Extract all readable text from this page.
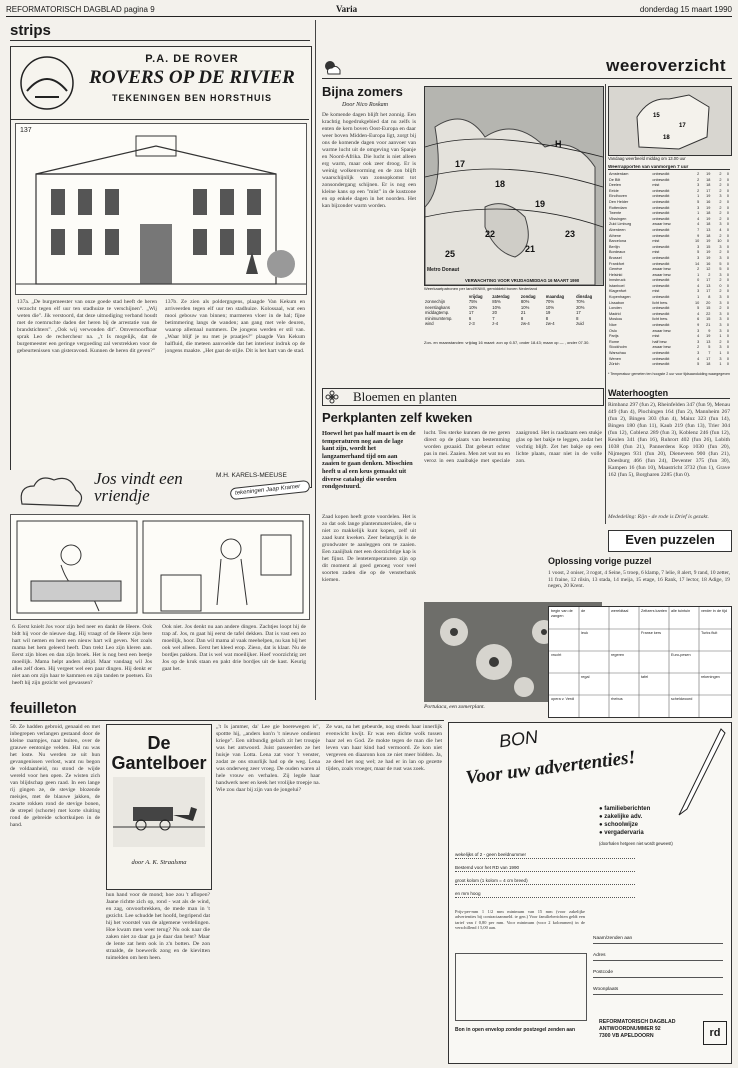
REFORMATORISCH DAGBLAD pagina 9	Varia	donderdag 15 maart 1990
strips
P.A. DE ROVER
ROVERS OP DE RIVIER
TEKENINGEN BEN HORSTHUIS
137
137a. „De burgemeester van onze goede stad heeft de heren verzocht tegen elf uur ten stadhuize te verschijnen". „Wij weten die". Jik verstoord, dat deze uitnodiging verband houdt met de roemruchte daden der heren bij de arrestatie van de brandstichters". „Ook wij verwonden dit". Omvernoorfbaar sprak Leo de rechercheur na. „'t Is mogelijk, dat de burgemeester een geringe vergoeding zal verstrekken voor de gebeurtenissen van gisteravond. Kunnen de heren dit geven?"
137b. Ze zien als poldergngens, plaagde Van Kekum en arriveerden tegen elf uur ten stadhuize. Kolossaal, wat een mooi gebouw van binnen; marmeren vloer in de hal; fijne betimmering langs de wanden; aan gang met vele deuren, waarop allemaal nummers. De jongens werden er stil van. „Waar blijf je nu met je praatjes?" plaagde Van Kekum halfluid, die meteen aanvoelde dat het interieur indruk op de jongens maakte. „Het gaat de stijle. Dit is het hart van de stad.
Jos vindt een vriendje
M.H. KARELS-MEEUSE
tekeningen Jaap Kramer
6. Eerst knielt Jos voor zijn bed neer en dankt de Heere. Ook bidt hij voor de nieuwe dag. Hij vraagt of de Heere zijn bere hart wil nemen en hem een nieuw hart wil geven. Net zoals mama het hem geleerd heeft. Dan trekt Leo zijn kleren aan. Eerst zijn bloes en dan zijn broek. Het is nog best een beetje moeilijk. Mama helpt anders altijd. Maar vandaag wil Jos alles zelf doen. Hij vergeet wel een paar dingen. Hij denkt er niet aan om zijn haar te kammen en zijn tanden te poetsen. En heeft hij zijn gezicht wel gewassen?
Ook niet. Jos denkt nu aan andere dingen. Zachtjes loopt hij de trap af. Jos, m gaat hij eerst de tafel dekken. Dat is vast een zo moeilijk, hoor. Dan wil mama al vaak meehelpen, nu kan hij het ook wel alleen. Eerst het kleed erop. Zieso, dat is klaar. Nu de bordjes pakken. Dat is wel wat moeilijker. Hoef voorzichtig zet Jos op de kruk staan en pakt drie bordjes uit de kast. Keurig gaat het.
feuilleton
50. Ze hadden gebroid, genaaid en met inbegrepen verlangen gestaand door de kleine raampjes, naar buiten, over de grauwe eentonige velden. Hal nu was het loste. Nu werden ze uit hun gevangenissen verlost, want nu begon de voldaanheid, nu stond de wijde wereld voor hen open. Ze wisten zich van blijdschap geen raad. In een lange rij gingen ze, de stevige blozende meisjes, met de blauwe jakken, de zwarte rokken rond de stevige bonen, de strepel (schorte) met korte sluiting rond de gebreide schortkuipen in de hand.
De Gantelboer
door A. K. Straalsma
hun hand voor de mond; hoe zou 't aflopen? Jaane richtte zich op, rond - wat als de wind, en zag, onvoorbrekken, de mede man in 't gezicht. Lee schudde het hoofd, begripend dat hij het voorstel van de algemene verdelingen. Hoe kwam men weer terug? Nu ook naar die zaken niet zo daar ga je daar dan bent? Maar de lente zat hem ook in z'n botten. De zon straalde, de boewerik zong en de kievitten tuimelden om hem heen.
„'t Is jammer, da' Lee gie boerewegen is", spottte hij, „anders kon'n 't nieuwe ondienst kriege". Een uitbundig gelach zit het troupje was het antwoord. Juist passeerden ze het huisje van Lotta. Lena zat voor 't venster, zodat ze ons stuurlijk had op de weg. Lena was onderweg zeer vroeg. De ouden waren al hele vrouw en verhalen. Zij legde haar handwerk neer en keek het vrolijke troepje na. Wie zou daar bij zijn van de jongelui?
Ze was, na het gebeurde, nog steeds haar innerlijk evenwicht kwijt. Er was een dichte wolk tussen haar zel en God. Ze mokte tegen de man die het leven van haar kind had vermoord. Ze kon niet vergeven en diaaronn kon ze niet meer bidden. Ja, ze deed het nog wel; ze had er in lan op gezette tijden, zoals vroeger, maar de rust was zoek.
weeroverzicht
Bijna zomers
Door Nico Roskam
De komende dagen blijft het zonnig. Een krachtig hogedrukgebied dat nu zelfs is enten de kern boven Oost-Europa en daar weer boven Midden-Europa ligt, zorgt bij ons de komende dagen voor aanvoer van warme lucht uit de omgeving van Spanje en Noord-Afrika. Die lucht is niet alleen erg warm, maar ook zeer droog. Er is weinig wolkenvorming en de zon blijft waarschijnlijk van zonsopkomst tot zonsondergang schijnen. Er is nog een kleine kans op een "mist" in de kustzone en op enkele dagen in het noorden. Het kan bijzonder warm worden.
17
18
19
22
21
23
25
H
Metro Donaut
VERWACHTING VOOR VRIJDAGMIDDAG 16 MAART 1990
Weerkaartpatronen per land/KNMI, gemiddeld boven Nederland
	vrijdag	zaterdag	zondag	maandag	dinsdag
zonnechijn	75%	85%	80%	70%	70%
neerslagkans	10%	10%	10%	10%	20%
middagtemp.	17	20	21	19	17
minimumtemp.	6	7	8	8	8
wind	z-3	z-4	zw-4	zw-4	zuid
Zon- en maanstanden: vrijdag 16 maart: zon op 6.57, onder 18.43; maan op — , onder 07.30.
15
17
18
Vandaag weerbeeld middag om 13.00 uur
Weerrapporten van vanmorgen 7 uur
Amsterdam	onbewolkt	2	19	2	0
De Bilt	onbewolkt	2	18	2	0
Deelen	mist	3	18	2	0
Eelde	onbewolkt	2	17	2	0
Eindhoven	onbewolkt	1	19	3	0
Den Helder	onbewolkt	5	16	2	0
Rotterdam	onbewolkt	3	19	2	0
Twente	onbewolkt	1	18	2	0
Vlissingen	onbewolkt	4	19	2	0
Zuid Limburg	zwaar bew.	4	18	3	0
Aberdeen	onbewolkt	7	13	4	0
Athene	onbewolkt	9	18	2	0
Barcelona	mist	10	19	10	0
Berlijn	onbewolkt	3	15	3	0
Bordeaux	mist	5	19	2	0
Brussel	onbewolkt	3	19	3	0
Frankfort	onbewolkt	14	16	5	0
Genève	zwaar bew.	2	12	5	0
Helsinki	zwaar bew.	1	2	3	0
Innsbruck	onbewolkt	0	17	2	0
Istanboel	onbewolkt	4	13	0	0
Klagenfurt	mist	3	17	2	0
Kopenhagen	onbewolkt	1	8	3	0
Lissabon	licht bew.	10	20	3	0
Londen	onbewolkt	5	15	2	0
Madrid	onbewolkt	4	22	3	0
Moskou	licht bew.	6	15	3	0
Nice	onbewolkt	9	21	3	0
Oslo	zwaar bew.	3	9	3	0
Parijs	mist	4	19	1	0
Rome	half bew.	3	13	2	0
Stockholm	zwaar bew.	2	5	3	0
Warschau	onbewolkt	3	7	1	0
Wenen	onbewolkt	4	17	3	0
Zürich	onbewolkt	5	18	1	0
* Temperatuur gemeten ten hoogste 2 uur voor tijdsaanduiding waargegeven
Bloemen en planten
Perkplanten zelf kweken
Hoewel het pas half maart is en de temperaturen nog aan de lage kant zijn, wordt het langzamerhand tijd om aan zaaien te gaan denken. Misschien heeft u al een keus gemaakt uit diverse catalogi die worden rondgestuurd.
Zaad kopen heeft grote voordelen. Het is zo dat ook lange plantenmaterialen, die u niet zo makkelijk kunt kopen, zelf uit zaad kunt kweken. Zeer belangrijk is de grondwater te aanleggen om te zaaien. Een zaaiijbak met een doorzichtige kap is het fijnst. De lentetemperaturen zijn op dit moment al goed genoeg voor veel soorten zaden die op de vensterbank kiemen.
lucht. Teu sterke kunnen de ree geren direct op de plaats van bestemming worden gezaaid. Dat gebeurt echter pas in mei. Zaaien. Men zet wat nu en veroz in een zaaibakje met speciale zaaigrond. Het is raadzaam een stukje glas op het bakje te leggen, zodat het vochtig blijft. Zet het bakje op een lichte plaats, maar niet in de volle zon.
Portulaca, een zomerplant.
Waterhoogten
Rimbanz 297 (fun 2), Rheinfelden 347 (fun 9), Menau 449 (fun 4), Plochingen 164 (fun 2), Mannheim 267 (fun 2), Bingen 303 (fun 4), Mainz 323 (fun 14), Bingen 180 (fun 11), Kaub 219 (fun 13), Trier 304 (fun 12), Coblenz 289 (fun 3), Koblenz 246 (fun 12), Keulen 341 (fun 16), Ruhrort 402 (fun 26), Lobith 1038 (fun 21), Pannerdens Kop 1030 (fun 20), Nijmegen 931 (fun 20), Dieneveen 900 (fun 21), Doesburg 466 (fun 24), Deventer 375 (fun 30), Kampen 16 (fun 10), Maastricht 3732 (fun 1), Grave 162 (fun 5), Borgharen 2285 (fun 0).
Mededeling: Rijn - de rode is Drief is gezakt.
Even puzzelen
Oplossing vorige puzzel
1 voost, 2 oniser, 3 rogot, 4 Seine, 5 troep, 6 klamp, 7 lelie, 8 alert, 9 rand, 10 zetter, 11 fraine, 12 rilsin, 13 stada, 14 meija, 15 etage, 16 Rank, 17 lector, 18 Adige, 19 negen, 20 Krent.
begin van de zangen
leuk
wereldtaal
Franse kers
alle tuintuin
Turks fluit
vrucht
regal
regeren
tafel
Euro-pesen
rekeningen
opera v. Verdi
de
rhebus
Zeltzers kanten
scheldwoord
verder in de tijd
BON
Voor uw advertenties!
● familieberichten
● zakelijke adv.
● schoolwijze
● vergadervaria
(doorhalen hetgeen niet wordt geweest)
wekelijks of 2 - geen beeldnummer
Bestemd voor het RD van 1990
groot kolom (1 kolom = 4 cm breed)
en mm hoog
Prijs-per-mm 1 1/2 mm minimum van 15 mm (voor zakelijke advertenties bij contractaanmeld. te gen.) Voor familieberichten geldt een tarief van f 0,80 per mm. Voor minimum (voor 2 kolommen) in de verschillend f 5,00 aan.
Naam/zenden aan
Adres
Postcode
Woonplaats
Bon in open envelop zonder postzegel zenden aan
REFORMATORISCH DAGBLAD
ANTWOORDNUMMER 92
7300 VB APELDOORN	rd
